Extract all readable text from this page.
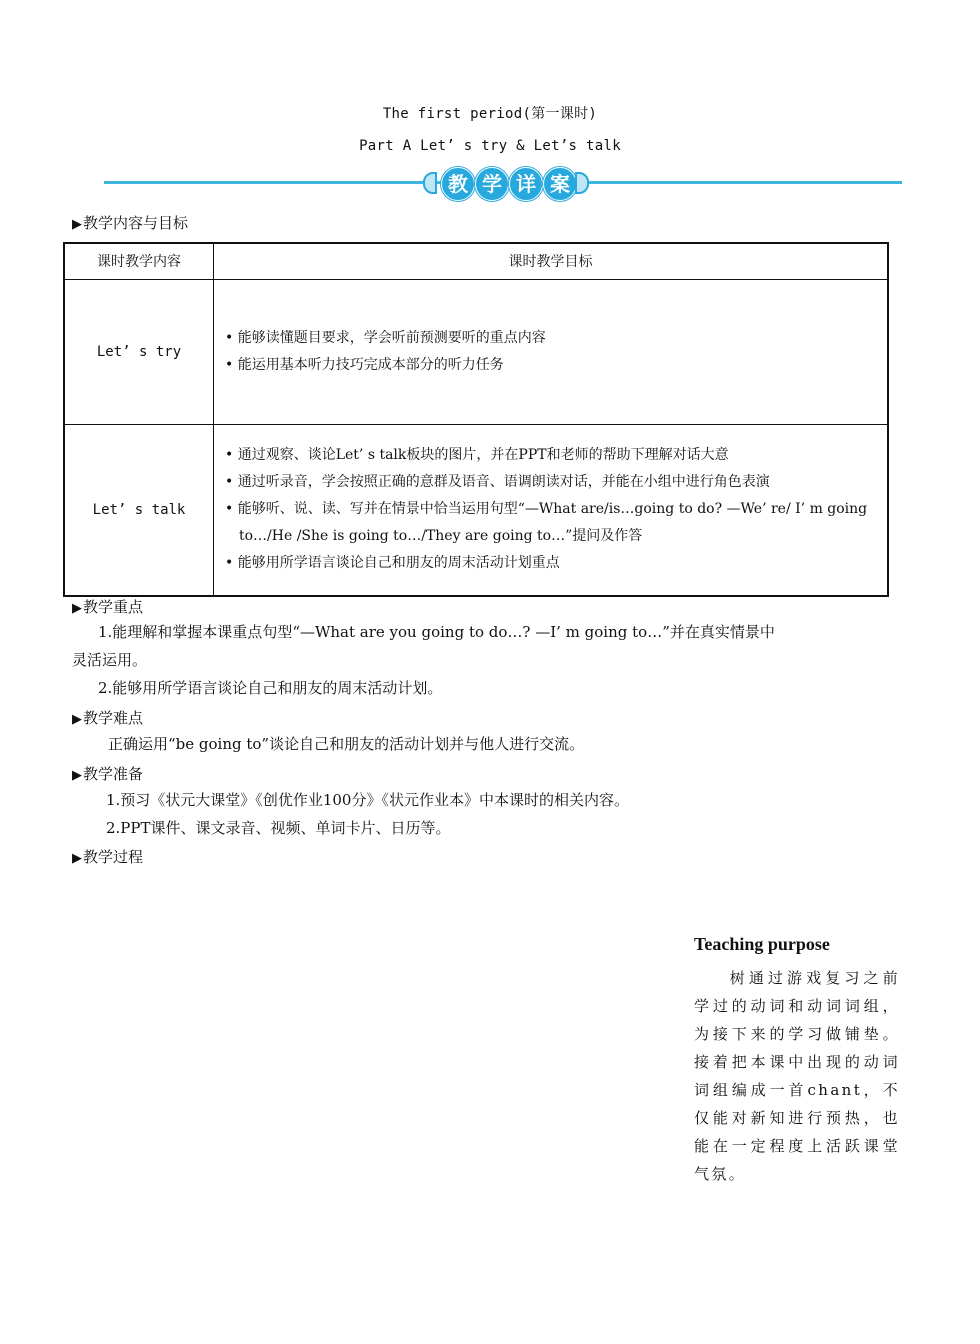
The first period(第一课时)
Part A Let’ s try & Let’s talk
教 学 详 案
▶教学内容与目标
课时教学内容	课时教学目标
Let’ s try	• 能够读懂题目要求，学会听前预测要听的重点内容
• 能运用基本听力技巧完成本部分的听力任务

Let’ s talk	• 通过观察、谈论Let’ s talk板块的图片，并在PPT和老师的帮助下理解对话大意
• 通过听录音，学会按照正确的意群及语音、语调朗读对话，并能在小组中进行角色表演
• 能够听、说、读、写并在情景中恰当运用句型“—What are/is…going to do? —We’ re/ I’ m going to…/He /She is going to…/They are going to…”提问及作答
• 能够用所学语言谈论自己和朋友的周末活动计划重点
▶教学重点
1.能理解和掌握本课重点句型“—What are you going to do…? —I’ m going to…”并在真实情景中
灵活运用。
2.能够用所学语言谈论自己和朋友的周末活动计划。
▶教学难点
正确运用“be going to”谈论自己和朋友的活动计划并与他人进行交流。
▶教学准备
1.预习《状元大课堂》《创优作业100分》《状元作业本》中本课时的相关内容。
2.PPT课件、课文录音、视频、单词卡片、日历等。
▶教学过程
Teaching purpose
树通过游戏复习之前学过的动词和动词词组，为接下来的学习做铺垫。接着把本课中出现的动词词组编成一首chant，不仅能对新知进行预热，也能在一定程度上活跃课堂气氛。
